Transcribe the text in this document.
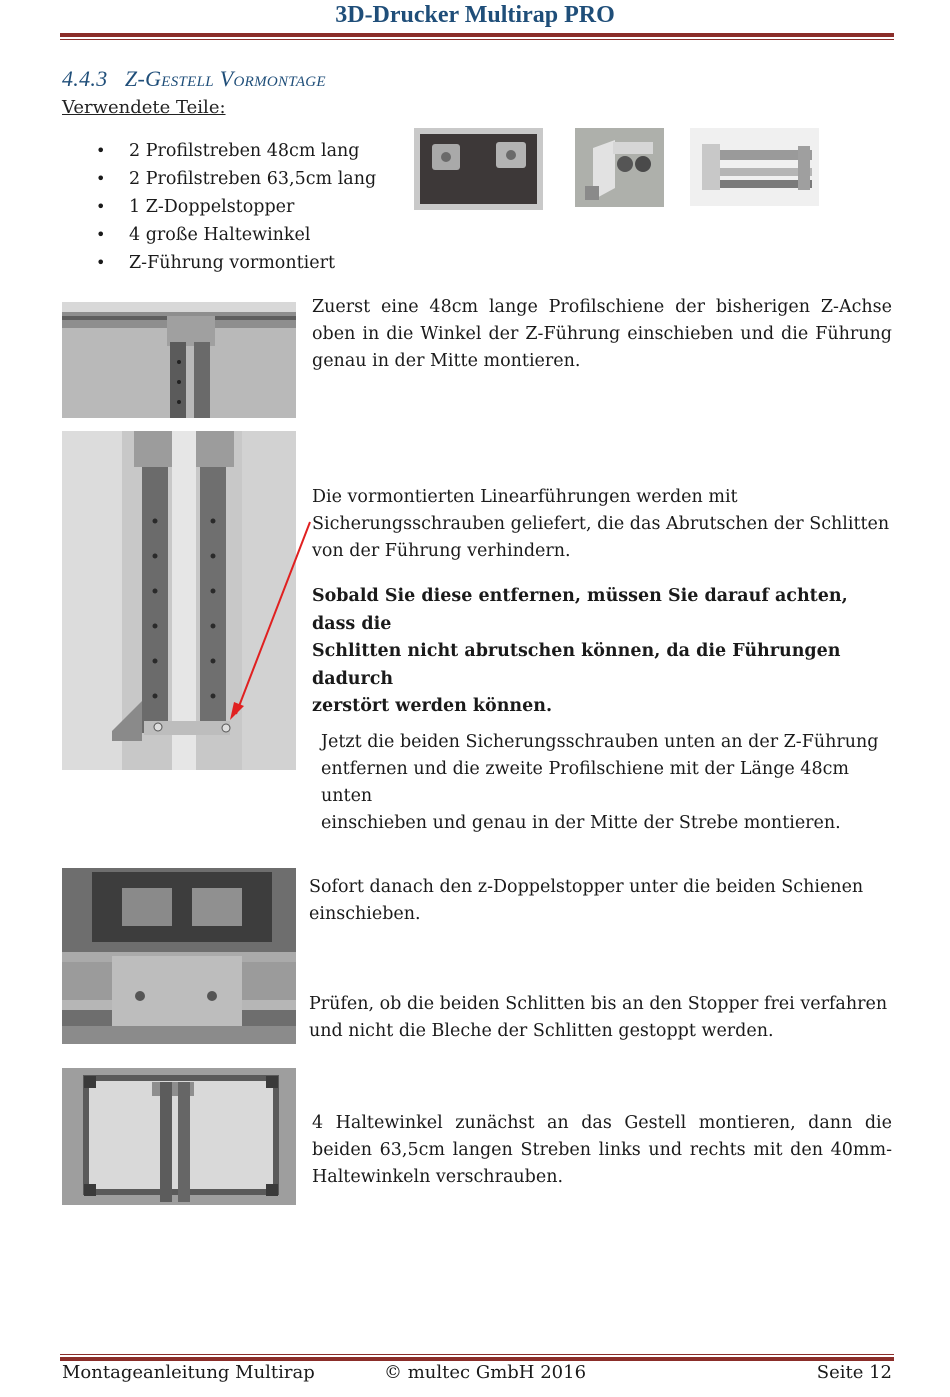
3D-Drucker Multirap PRO
4.4.3 Z-Gestell Vormontage
Verwendete Teile:
• 2 Profilstreben 48cm lang
• 2 Profilstreben 63,5cm lang
• 1 Z-Doppelstopper
• 4 große Haltewinkel
• Z-Führung vormontiert
Zuerst eine 48cm lange Profilschiene der bisherigen Z-Achse oben in die Winkel der Z-Führung einschieben und die Führung genau in der Mitte montieren.
Die vormontierten Linearführungen werden mit
Sicherungsschrauben geliefert, die das Abrutschen der Schlitten
von der Führung verhindern.
Sobald Sie diese entfernen, müssen Sie darauf achten, dass die
Schlitten nicht abrutschen können, da die Führungen dadurch
zerstört werden können.
Jetzt die beiden Sicherungsschrauben unten an der Z-Führung
entfernen und die zweite Profilschiene mit der Länge 48cm unten
einschieben und genau in der Mitte der Strebe montieren.
Sofort danach den z-Doppelstopper unter die beiden Schienen
einschieben.
Prüfen, ob die beiden Schlitten bis an den Stopper frei verfahren
und nicht die Bleche der Schlitten gestoppt werden.
4 Haltewinkel zunächst an das Gestell montieren, dann die beiden 63,5cm langen Streben links und rechts mit den 40mm-Haltewinkeln verschrauben.
Montageanleitung Multirap	© multec GmbH 2016	Seite 12
